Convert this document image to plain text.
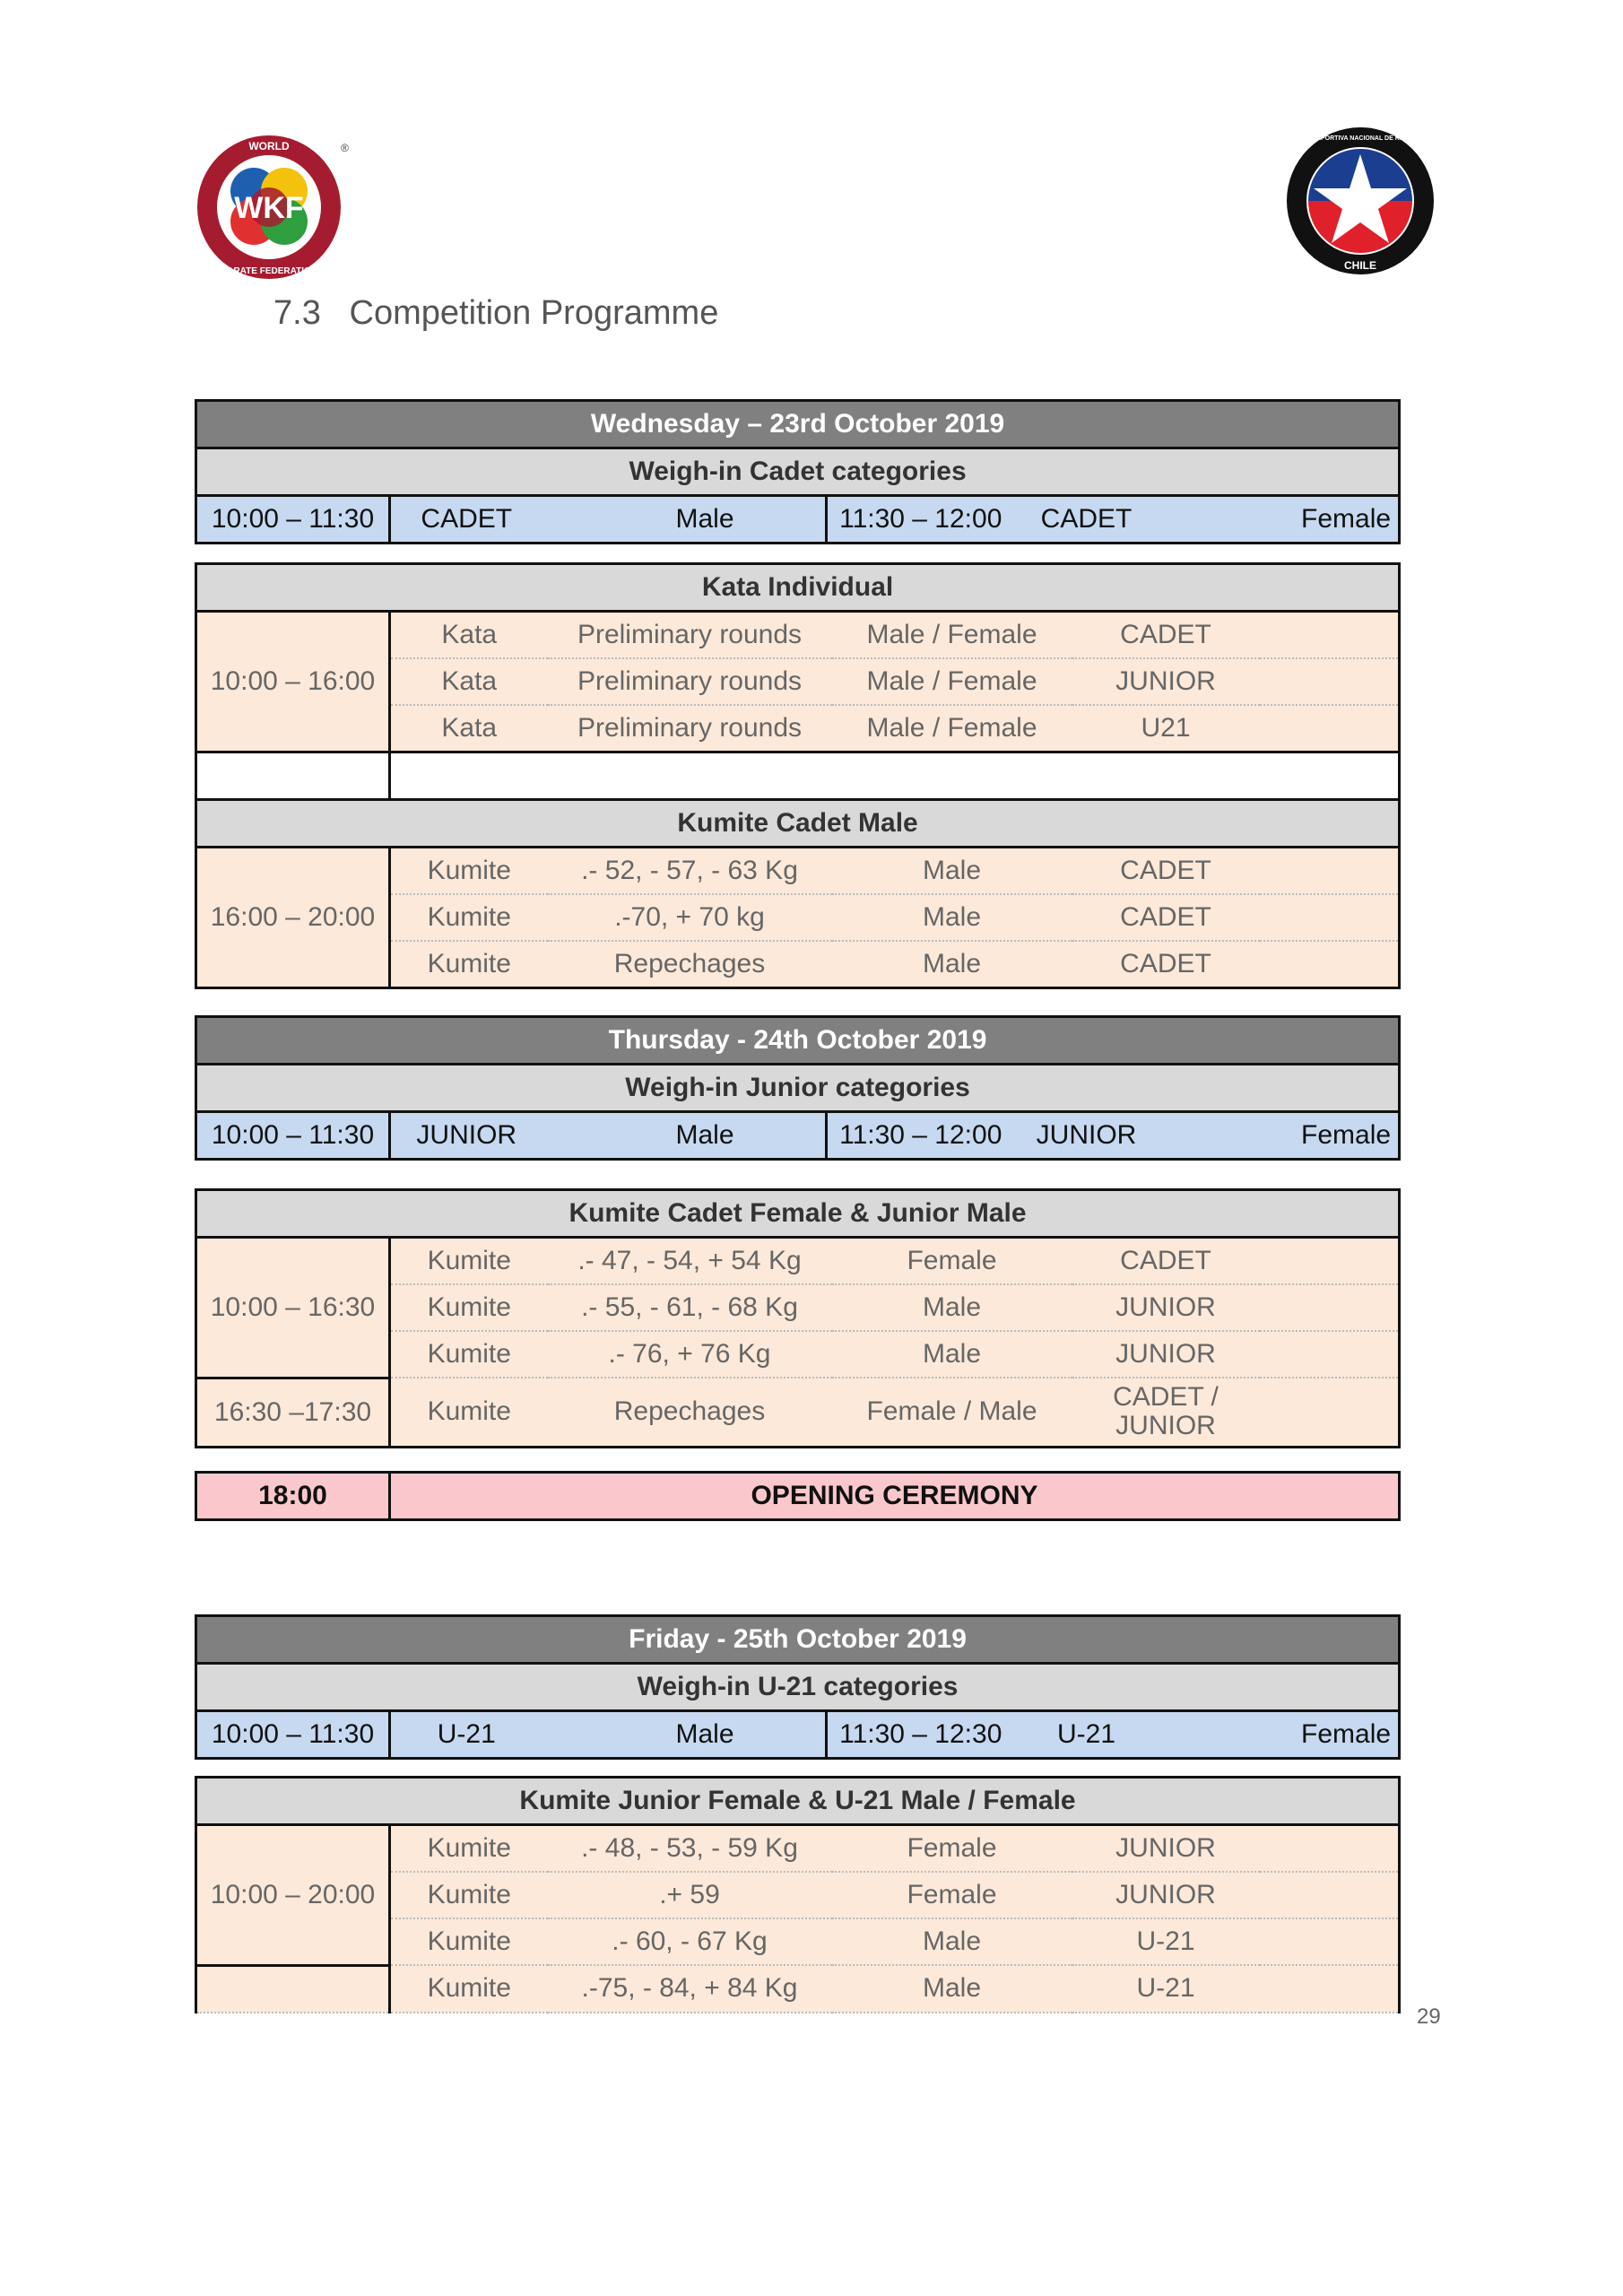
WKF
WORLD
KARATE FEDERATION
®
CHILE
FEDERACIÓN DEPORTIVA NACIONAL DE KARATE DE CHILE
7.3 Competition Programme
Wednesday – 23rd October 2019
Weigh-in Cadet categories
10:00 – 11:30	CADET		Male	11:30 – 12:00	CADET		Female
Kata Individual					
10:00 – 16:00	Kata	Preliminary rounds	Male / Female	CADET	
	Kata	Preliminary rounds	Male / Female	JUNIOR	
	Kata	Preliminary rounds	Male / Female	U21	

Kumite Cadet Male					
16:00 – 20:00	Kumite	.- 52, - 57, - 63 Kg	Male	CADET	
	Kumite	.-70, + 70 kg	Male	CADET	
	Kumite	Repechages	Male	CADET	
Thursday - 24th October 2019
Weigh-in Junior categories
10:00 – 11:30	JUNIOR		Male	11:30 – 12:00	JUNIOR		Female
Kumite Cadet Female & Junior Male					
10:00 – 16:30	Kumite	.- 47, - 54, + 54 Kg	Female	CADET	
	Kumite	.- 55, - 61, - 68 Kg	Male	JUNIOR	
	Kumite	.- 76, + 76 Kg	Male	JUNIOR	
16:30 –17:30	Kumite	Repechages	Female / Male	CADET /
JUNIOR	
18:00	OPENING CEREMONY
Friday - 25th October 2019
Weigh-in U-21 categories
10:00 – 11:30	U-21		Male	11:30 – 12:30	U-21		Female
Kumite Junior Female & U-21 Male / Female					
10:00 – 20:00	Kumite	.- 48, - 53, - 59 Kg	Female	JUNIOR	
	Kumite	.+ 59	Female	JUNIOR	
	Kumite	.- 60, - 67 Kg	Male	U-21	
	Kumite	.-75, - 84, + 84 Kg	Male	U-21	
29
